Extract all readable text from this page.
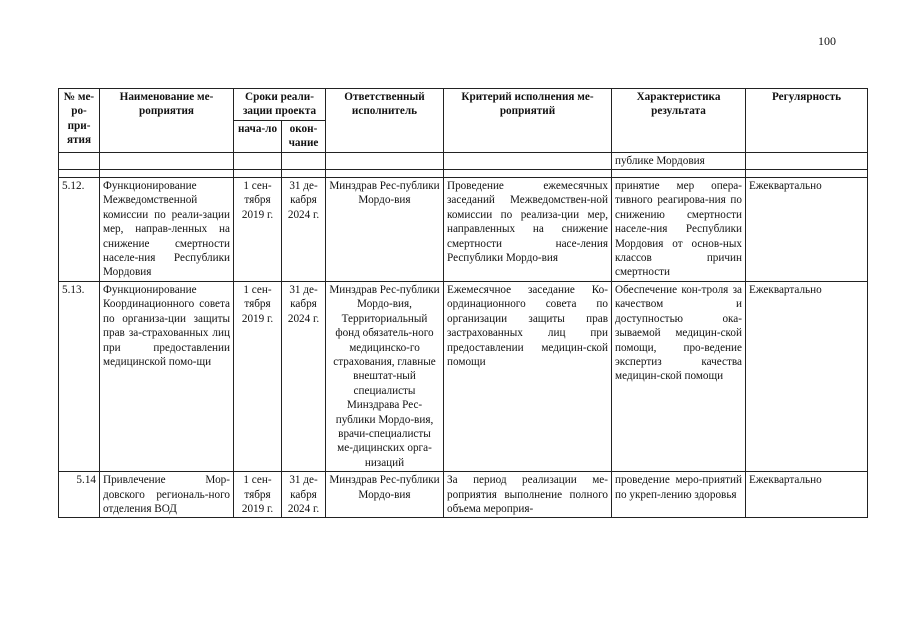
100
№ ме-ро-при-ятия	Наименование ме-роприятия	Сроки реали-зации проекта		Ответственный исполнитель	Критерий исполнения ме-роприятий	Характеристика результата	Регулярность
		нача-ло	окон-чание				
						публике Мордовия	

5.12.	Функционирование Межведомственной комиссии по реали-зации мер, направ-ленных на снижение смертности населе-ния Республики Мордовия	1 сен-тября 2019 г.	31 де-кабря 2024 г.	Минздрав Рес-публики Мордо-вия	Проведение ежемесячных заседаний Межведомствен-ной комиссии по реализа-ции мер, направленных на снижение смертности насе-ления Республики Мордо-вия	принятие мер опера-тивного реагирова-ния по снижению смертности населе-ния Республики Мордовия от основ-ных классов причин смертности	Ежеквартально
5.13.	Функционирование Координационного совета по организа-ции защиты прав за-страхованных лиц при предоставлении медицинской помо-щи	1 сен-тября 2019 г.	31 де-кабря 2024 г.	Минздрав Рес-публики Мордо-вия, Территориальный фонд обязатель-ного медицинско-го страхования, главные внештат-ный специалисты Минздрава Рес-публики Мордо-вия, врачи-специалисты ме-дицинских орга-низаций	Ежемесячное заседание Ко-ординационного совета по организации защиты прав застрахованных лиц при предоставлении медицин-ской помощи	Обеспечение кон-троля за качеством и доступностью ока-зываемой медицин-ской помощи, про-ведение экспертиз качества медицин-ской помощи	Ежеквартально
5.14	Привлечение Мор-довского региональ-ного отделения ВОД	1 сен-тября 2019 г.	31 де-кабря 2024 г.	Минздрав Рес-публики Мордо-вия	За период реализации ме-роприятия выполнение полного объема мероприя-	проведение меро-приятий по укреп-лению здоровья	Ежеквартально
